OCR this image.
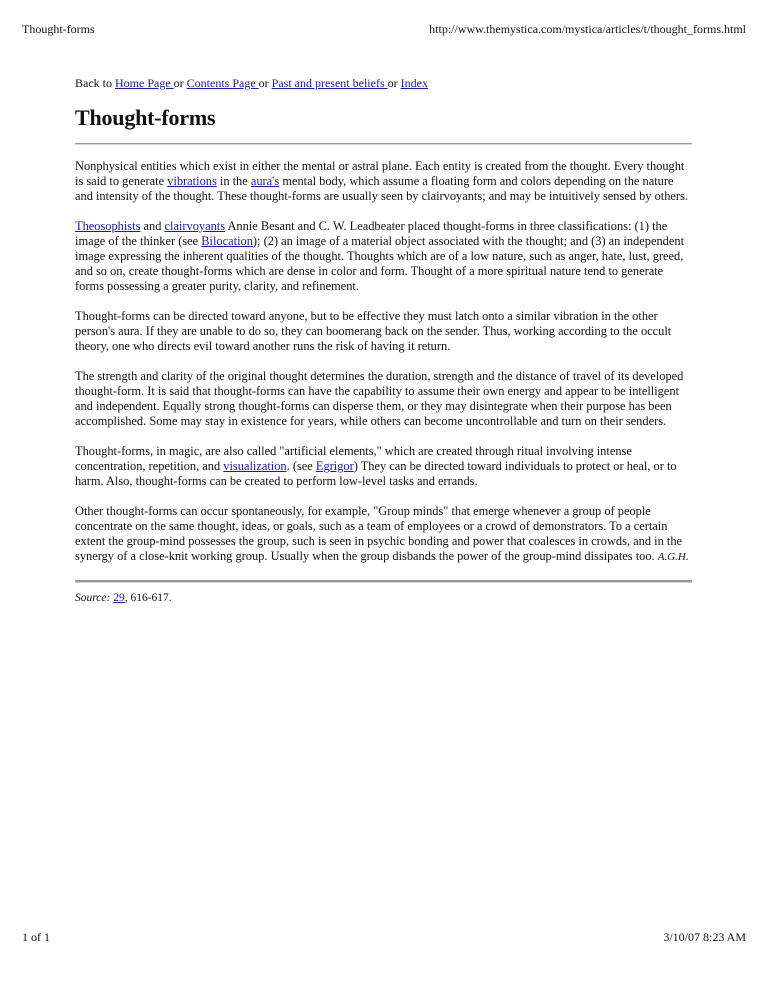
Thought-forms	http://www.themystica.com/mystica/articles/t/thought_forms.html
Back to Home Page or Contents Page or Past and present beliefs or Index
Thought-forms

Nonphysical entities which exist in either the mental or astral plane. Each entity is created from the thought. Every thought is said to generate vibrations in the aura's mental body, which assume a floating form and colors depending on the nature and intensity of the thought. These thought-forms are usually seen by clairvoyants; and may be intuitively sensed by others.

Theosophists and clairvoyants Annie Besant and C. W. Leadbeater placed thought-forms in three classifications: (1) the image of the thinker (see Bilocation); (2) an image of a material object associated with the thought; and (3) an independent image expressing the inherent qualities of the thought. Thoughts which are of a low nature, such as anger, hate, lust, greed, and so on, create thought-forms which are dense in color and form. Thought of a more spiritual nature tend to generate forms possessing a greater purity, clarity, and refinement.

Thought-forms can be directed toward anyone, but to be effective they must latch onto a similar vibration in the other person's aura. If they are unable to do so, they can boomerang back on the sender. Thus, working according to the occult theory, one who directs evil toward another runs the risk of having it return.

The strength and clarity of the original thought determines the duration, strength and the distance of travel of its developed thought-form. It is said that thought-forms can have the capability to assume their own energy and appear to be intelligent and independent. Equally strong thought-forms can disperse them, or they may disintegrate when their purpose has been accomplished. Some may stay in existence for years, while others can become uncontrollable and turn on their senders.

Thought-forms, in magic, are also called "artificial elements," which are created through ritual involving intense concentration, repetition, and visualization. (see Egrigor) They can be directed toward individuals to protect or heal, or to harm. Also, thought-forms can be created to perform low-level tasks and errands.

Other thought-forms can occur spontaneously, for example, "Group minds" that emerge whenever a group of people concentrate on the same thought, ideas, or goals, such as a team of employees or a crowd of demonstrators. To a certain extent the group-mind possesses the group, such is seen in psychic bonding and power that coalesces in crowds, and in the synergy of a close-knit working group. Usually when the group disbands the power of the group-mind dissipates too. A.G.H.

Source: 29, 616-617.
1 of 1	3/10/07 8:23 AM
